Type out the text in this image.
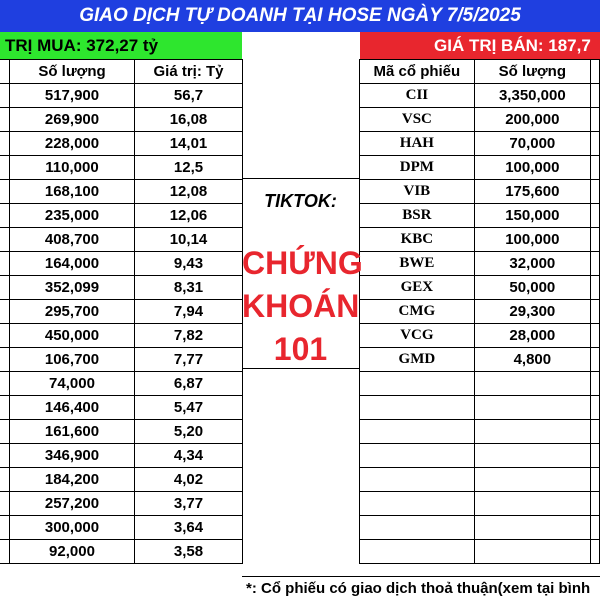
GIAO DỊCH TỰ DOANH TẠI HOSE NGÀY 7/5/2025
TRỊ MUA: 372,27 tỷ	GIÁ TRỊ BÁN: 187,7
	Số lượng	Giá trị: Tỷ
	517,900	56,7
	269,900	16,08
	228,000	14,01
	110,000	12,5
	168,100	12,08
	235,000	12,06
	408,700	10,14
	164,000	9,43
	352,099	8,31
	295,700	7,94
	450,000	7,82
	106,700	7,77
	74,000	6,87
	146,400	5,47
	161,600	5,20
	346,900	4,34
	184,200	4,02
	257,200	3,77
	300,000	3,64
	92,000	3,58
Mã cổ phiếu	Số lượng	
CII	3,350,000	
VSC	200,000	
HAH	70,000	
DPM	100,000	
VIB	175,600	
BSR	150,000	
KBC	100,000	
BWE	32,000	
GEX	50,000	
CMG	29,300	
VCG	28,000	
GMD	4,800	

TIKTOK:
CHỨNG
KHOÁN
101
*: Cổ phiếu có giao dịch thoả thuận(xem tại bình
